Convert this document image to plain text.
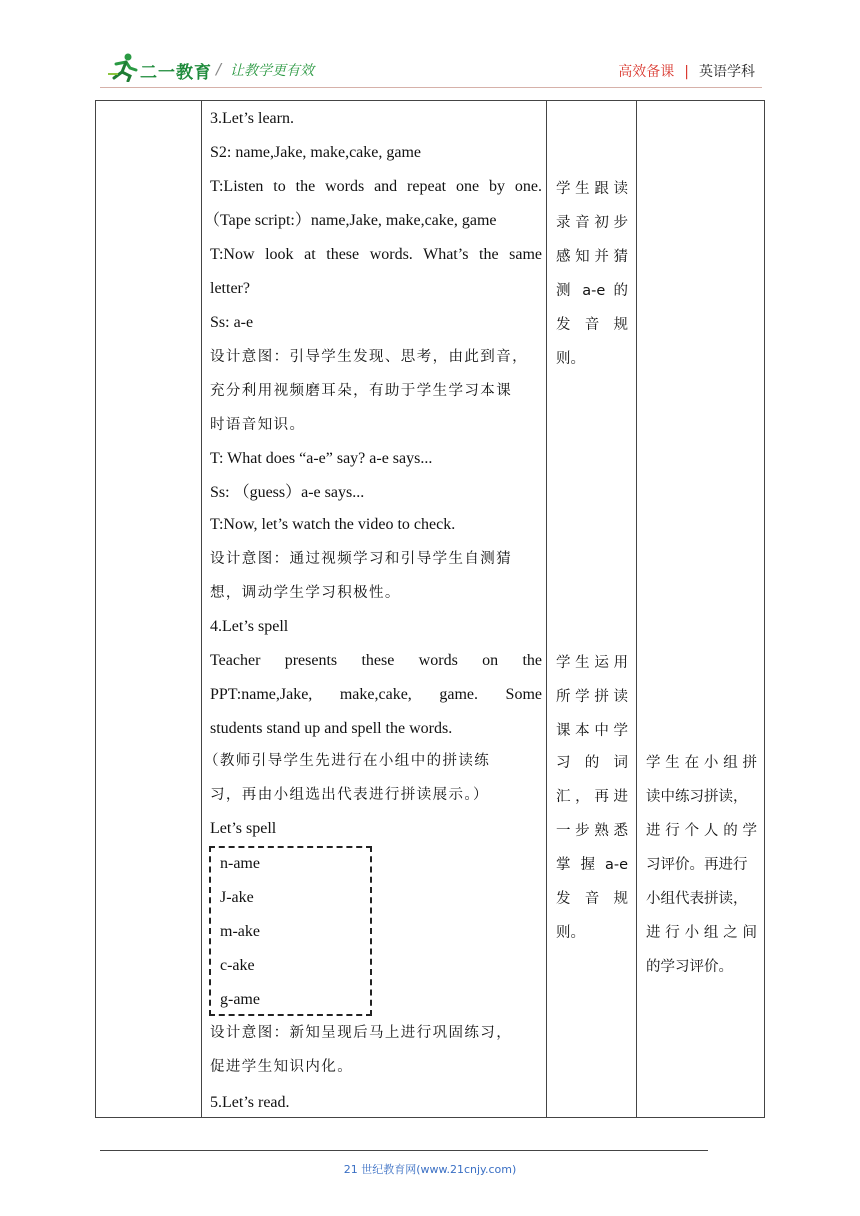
二一教育 / 让教学更有效	高效备课 | 英语学科
3.Let’s learn.
S2: name,Jake, make,cake, game
T:Listen to the words and repeat one by one.
（Tape script:）name,Jake, make,cake, game
T:Now look at these words. What’s the same
letter?
Ss: a-e
设计意图：引导学生发现、思考，由此到音，
充分利用视频磨耳朵，有助于学生学习本课
时语音知识。
T: What does “a-e” say? a-e says...
Ss: （guess）a-e says...
T:Now, let’s watch the video to check.
设计意图：通过视频学习和引导学生自测猜
想，调动学生学习积极性。
4.Let’s spell
Teacher presents these words on the
PPT:name,Jake, make,cake, game. Some
students stand up and spell the words.
（教师引导学生先进行在小组中的拼读练
习，再由小组选出代表进行拼读展示。）
Let’s spell
设计意图：新知呈现后马上进行巩固练习，
促进学生知识内化。
5.Let’s read.
n-ame
J-ake
m-ake
c-ake
g-ame
学生跟读
录音初步
感知并猜
测 a-e 的
发 音 规
则。
学生运用
所学拼读
课本中学
习 的 词
汇，再进
一步熟悉
掌 握 a-e
发 音 规
则。
学生在小组拼
读中练习拼读，
进行个人的学
习评价。再进行
小组代表拼读，
进行小组之间
的学习评价。
21 世纪教育网(www.21cnjy.com)
